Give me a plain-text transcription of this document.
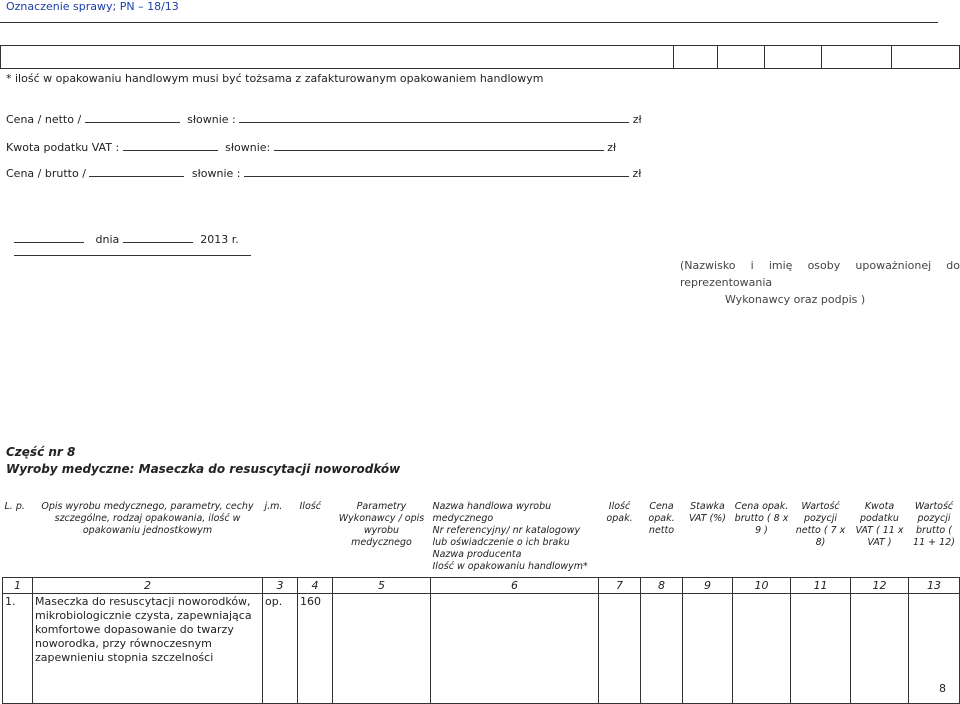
Oznaczenie sprawy; PN – 18/13
* ilość w opakowaniu handlowym musi być tożsama z zafakturowanym opakowaniem handlowym
Cena / netto /	słownie :	zł
Kwota podatku VAT :	słownie:	zł
Cena / brutto /	słownie :	zł
dnia	2013 r.
(Nazwisko i imię osoby upoważnionej do
reprezentowania
Wykonawcy oraz podpis )
Część nr 8
Wyroby medyczne: Maseczka do resuscytacji noworodków
L. p.	Opis wyrobu medycznego, parametry, cechy szczególne, rodzaj opakowania, ilość w opakowaniu jednostkowym	j.m.	Ilość	Parametry Wykonawcy / opis wyrobu medycznego	Nazwa handlowa wyrobu medycznego
Nr referencyjny/ nr katalogowy lub oświadczenie o ich braku
Nazwa producenta
Ilość w opakowaniu handlowym*	Ilość opak.	Cena opak. netto	Stawka VAT (%)	Cena opak. brutto ( 8 x 9 )	Wartość pozycji netto ( 7 x 8)	Kwota podatku VAT ( 11 x VAT )	Wartość pozycji brutto ( 11 + 12)
1	2	3	4	5	6	7	8	9	10	11	12	13
1.	Maseczka do resuscytacji noworodków, mikrobiologicznie czysta, zapewniająca komfortowe dopasowanie do twarzy noworodka, przy równoczesnym zapewnieniu stopnia szczelności	op.	160									
8
